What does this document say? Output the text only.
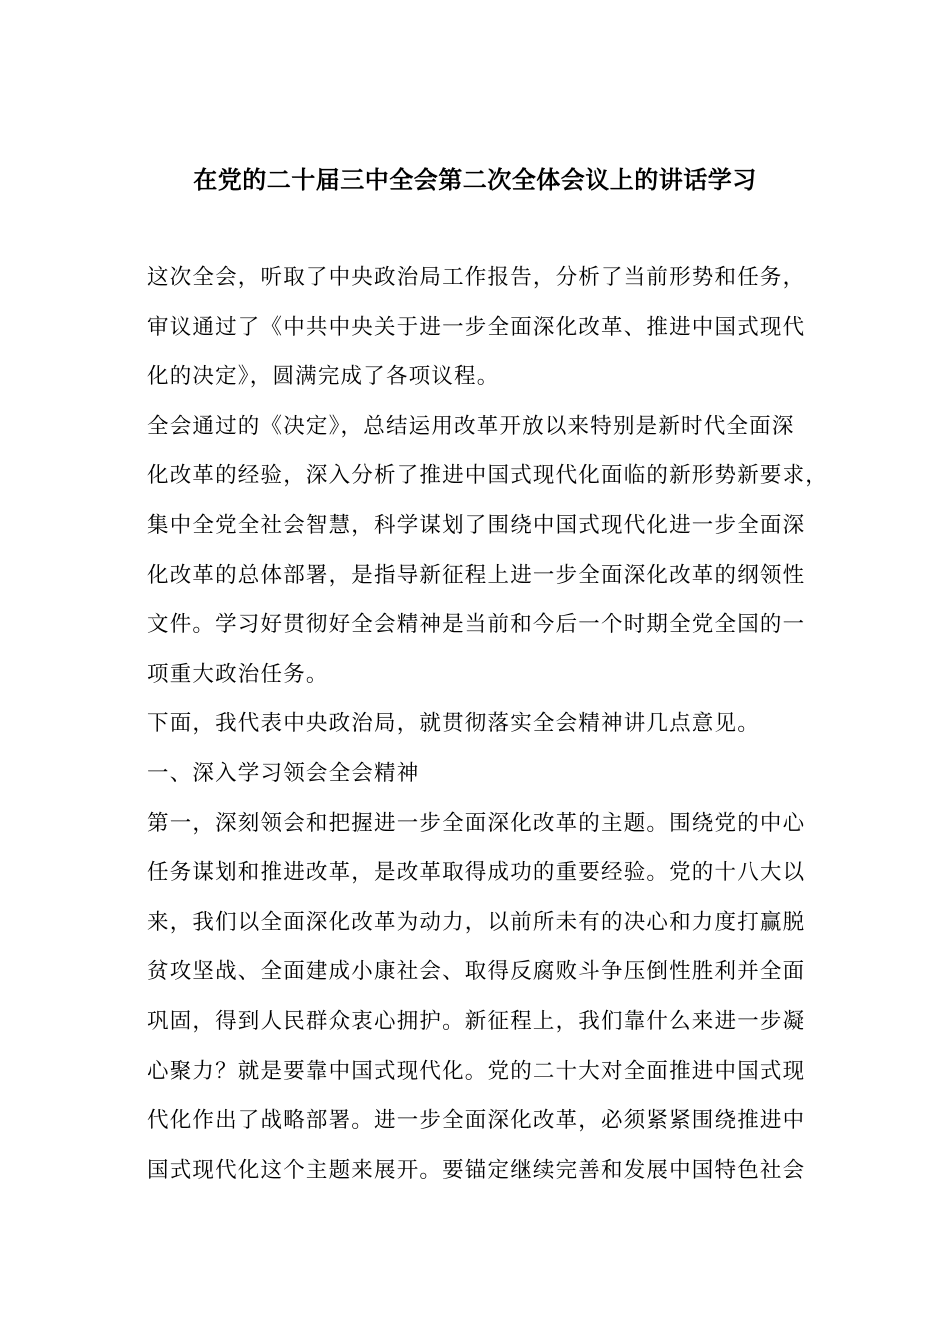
在党的二十届三中全会第二次全体会议上的讲话学习
这次全会，听取了中央政治局工作报告，分析了当前形势和任务，
审议通过了《中共中央关于进一步全面深化改革、推进中国式现代
化的决定》，圆满完成了各项议程。
全会通过的《决定》，总结运用改革开放以来特别是新时代全面深
化改革的经验，深入分析了推进中国式现代化面临的新形势新要求，
集中全党全社会智慧，科学谋划了围绕中国式现代化进一步全面深
化改革的总体部署，是指导新征程上进一步全面深化改革的纲领性
文件。学习好贯彻好全会精神是当前和今后一个时期全党全国的一
项重大政治任务。
下面，我代表中央政治局，就贯彻落实全会精神讲几点意见。
一、深入学习领会全会精神
第一，深刻领会和把握进一步全面深化改革的主题。围绕党的中心
任务谋划和推进改革，是改革取得成功的重要经验。党的十八大以
来，我们以全面深化改革为动力，以前所未有的决心和力度打赢脱
贫攻坚战、全面建成小康社会、取得反腐败斗争压倒性胜利并全面
巩固，得到人民群众衷心拥护。新征程上，我们靠什么来进一步凝
心聚力？就是要靠中国式现代化。党的二十大对全面推进中国式现
代化作出了战略部署。进一步全面深化改革，必须紧紧围绕推进中
国式现代化这个主题来展开。要锚定继续完善和发展中国特色社会
